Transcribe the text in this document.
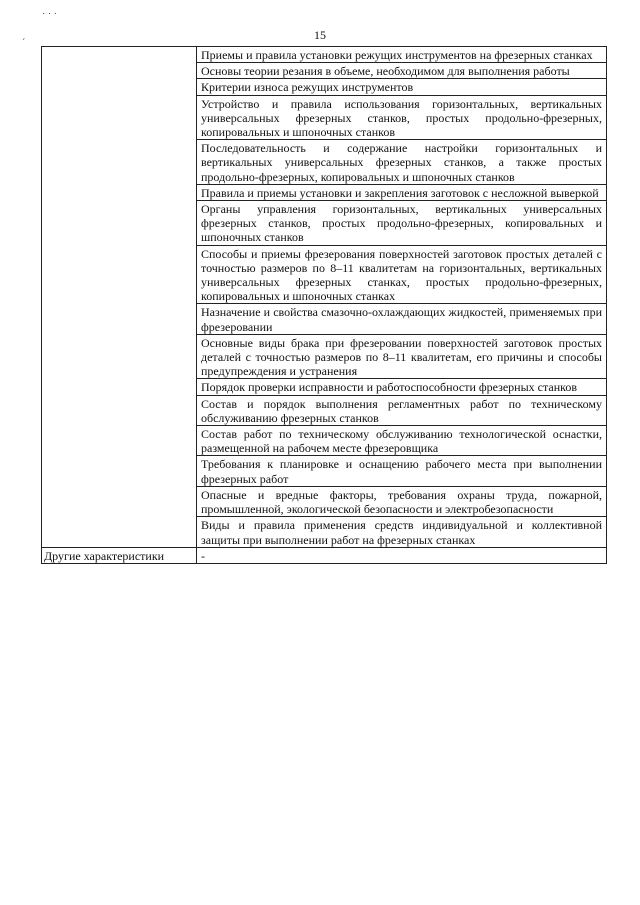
15
˙ ˙ ˙
´
	Приемы и правила установки режущих инструментов на фрезерных станках
	Основы теории резания в объеме, необходимом для выполнения работы
	Критерии износа режущих инструментов
	Устройство и правила использования горизонтальных, вертикальных универсальных фрезерных станков, простых продольно-фрезерных, копировальных и шпоночных станков
	Последовательность и содержание настройки горизонтальных и вертикальных универсальных фрезерных станков, а также простых продольно-фрезерных, копировальных и шпоночных станков
	Правила и приемы установки и закрепления заготовок с несложной выверкой
	Органы управления горизонтальных, вертикальных универсальных фрезерных станков, простых продольно-фрезерных, копировальных и шпоночных станков
	Способы и приемы фрезерования поверхностей заготовок простых деталей с точностью размеров по 8–11 квалитетам на горизонтальных, вертикальных универсальных фрезерных станках, простых продольно-фрезерных, копировальных и шпоночных станках
	Назначение и свойства смазочно-охлаждающих жидкостей, применяемых при фрезеровании
	Основные виды брака при фрезеровании поверхностей заготовок простых деталей с точностью размеров по 8–11 квалитетам, его причины и способы предупреждения и устранения
	Порядок проверки исправности и работоспособности фрезерных станков
	Состав и порядок выполнения регламентных работ по техническому обслуживанию фрезерных станков
	Состав работ по техническому обслуживанию технологической оснастки, размещенной на рабочем месте фрезеровщика
	Требования к планировке и оснащению рабочего места при выполнении фрезерных работ
	Опасные и вредные факторы, требования охраны труда, пожарной, промышленной, экологической безопасности и электробезопасности
	Виды и правила применения средств индивидуальной и коллективной защиты при выполнении работ на фрезерных станках
Другие характеристики	-
